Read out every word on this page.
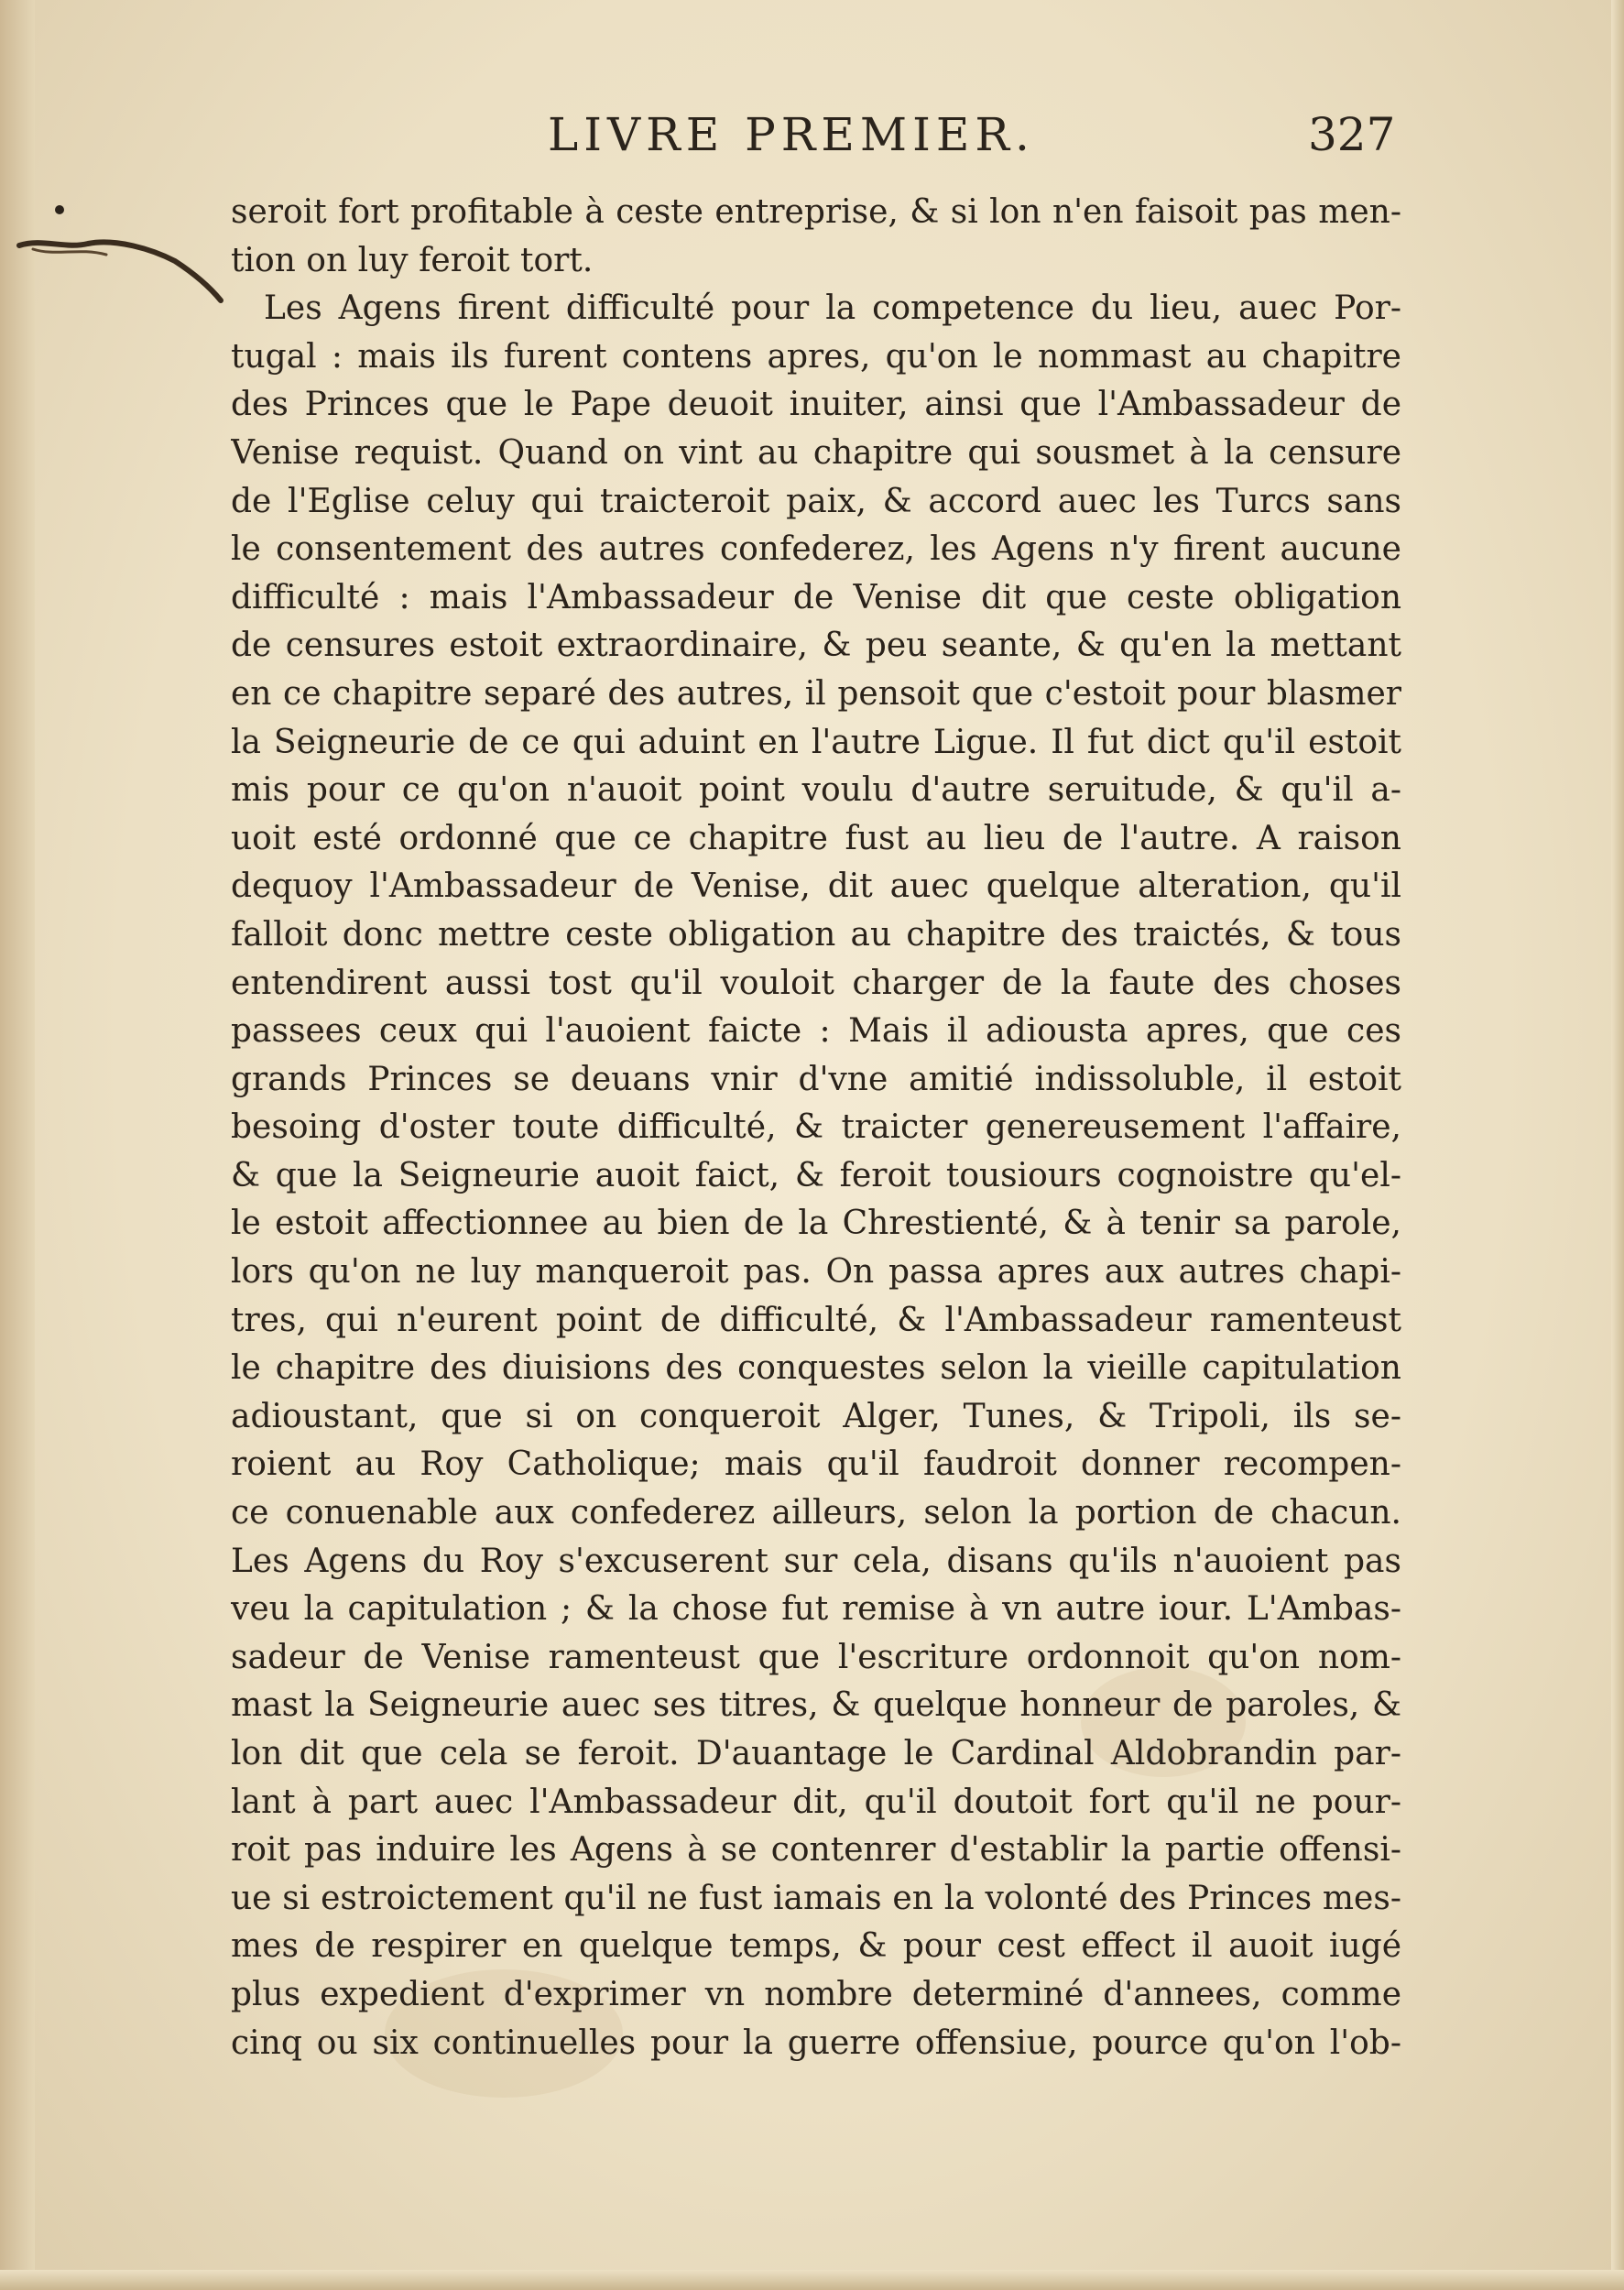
LIVRE PREMIER.	327
seroit fort profitable à ceste entreprise, & si lon n'en faisoit pas men-
tion on luy feroit tort.
Les Agens firent difficulté pour la competence du lieu, auec Por-
tugal : mais ils furent contens apres, qu'on le nommast au chapitre
des Princes que le Pape deuoit inuiter, ainsi que l'Ambassadeur de
Venise requist. Quand on vint au chapitre qui sousmet à la censure
de l'Eglise celuy qui traicteroit paix, & accord auec les Turcs sans
le consentement des autres confederez, les Agens n'y firent aucune
difficulté : mais l'Ambassadeur de Venise dit que ceste obligation
de censures estoit extraordinaire, & peu seante, & qu'en la mettant
en ce chapitre separé des autres, il pensoit que c'estoit pour blasmer
la Seigneurie de ce qui aduint en l'autre Ligue. Il fut dict qu'il estoit
mis pour ce qu'on n'auoit point voulu d'autre seruitude, & qu'il a-
uoit esté ordonné que ce chapitre fust au lieu de l'autre. A raison
dequoy l'Ambassadeur de Venise, dit auec quelque alteration, qu'il
falloit donc mettre ceste obligation au chapitre des traictés, & tous
entendirent aussi tost qu'il vouloit charger de la faute des choses
passees ceux qui l'auoient faicte : Mais il adiousta apres, que ces
grands Princes se deuans vnir d'vne amitié indissoluble, il estoit
besoing d'oster toute difficulté, & traicter genereusement l'affaire,
& que la Seigneurie auoit faict, & feroit tousiours cognoistre qu'el-
le estoit affectionnee au bien de la Chrestienté, & à tenir sa parole,
lors qu'on ne luy manqueroit pas. On passa apres aux autres chapi-
tres, qui n'eurent point de difficulté, & l'Ambassadeur ramenteust
le chapitre des diuisions des conquestes selon la vieille capitulation
adioustant, que si on conqueroit Alger, Tunes, & Tripoli, ils se-
roient au Roy Catholique; mais qu'il faudroit donner recompen-
ce conuenable aux confederez ailleurs, selon la portion de chacun.
Les Agens du Roy s'excuserent sur cela, disans qu'ils n'auoient pas
veu la capitulation ; & la chose fut remise à vn autre iour. L'Ambas-
sadeur de Venise ramenteust que l'escriture ordonnoit qu'on nom-
mast la Seigneurie auec ses titres, & quelque honneur de paroles, &
lon dit que cela se feroit. D'auantage le Cardinal Aldobrandin par-
lant à part auec l'Ambassadeur dit, qu'il doutoit fort qu'il ne pour-
roit pas induire les Agens à se contenrer d'establir la partie offensi-
ue si estroictement qu'il ne fust iamais en la volonté des Princes mes-
mes de respirer en quelque temps, & pour cest effect il auoit iugé
plus expedient d'exprimer vn nombre determiné d'annees, comme
cinq ou six continuelles pour la guerre offensiue, pource qu'on l'ob-
